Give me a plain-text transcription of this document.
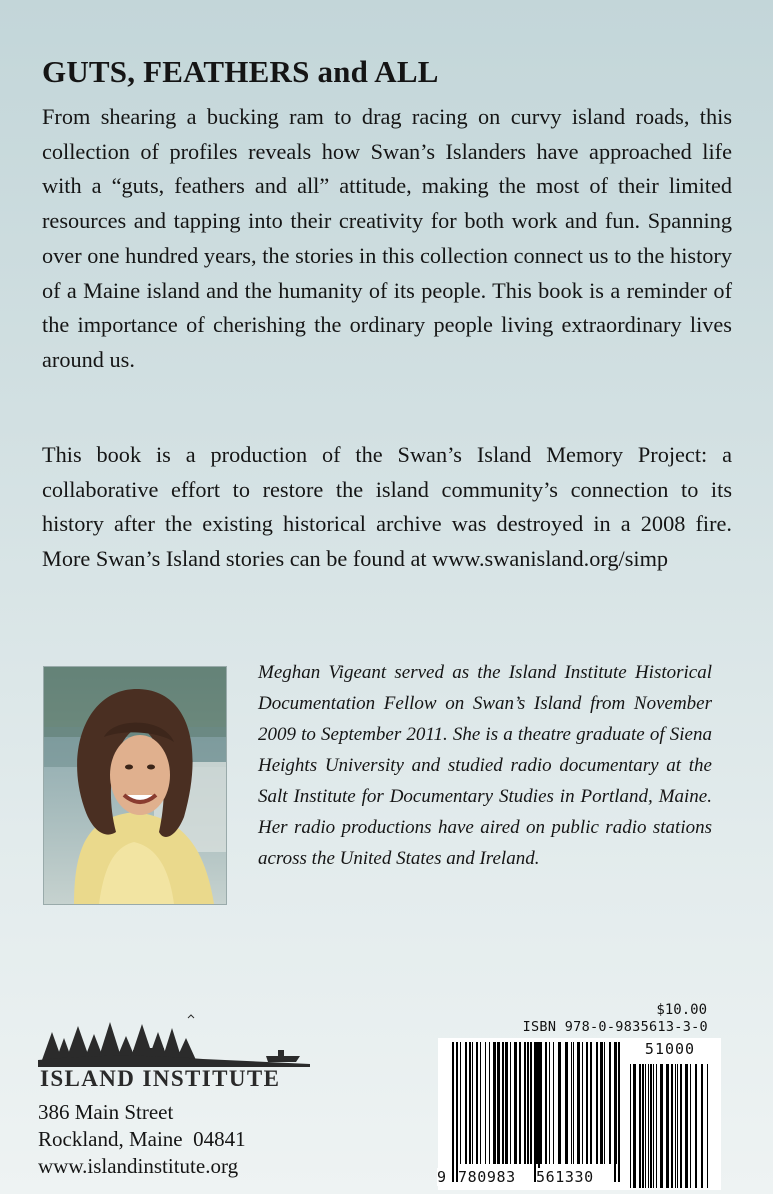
GUTS, FEATHERS and ALL

From shearing a bucking ram to drag racing on curvy island roads, this collection of profiles reveals how Swan’s Islanders have approached life with a “guts, feathers and all” attitude, making the most of their limited resources and tapping into their creativity for both work and fun. Spanning over one hundred years, the stories in this collection connect us to the history of a Maine island and the humanity of its people. This book is a reminder of the importance of cherishing the ordinary people living extraordinary lives around us.

This book is a production of the Swan’s Island Memory Project: a collaborative effort to restore the island community’s connection to its history after the existing historical archive was destroyed in a 2008 fire. More Swan’s Island stories can be found at www.swanisland.org/simp

Meghan Vigeant served as the Island Institute Historical Documentation Fellow on Swan’s Island from November 2009 to September 2011. She is a theatre graduate of Siena Heights University and studied radio documentary at the Salt Institute for Documentary Studies in Portland, Maine. Her radio productions have aired on public radio stations across the United States and Ireland.

ISLAND INSTITUTE

386 Main Street
Rockland, Maine  04841
www.islandinstitute.org
$10.00
ISBN 978-0-9835613-3-0
51000
9 780983 561330
